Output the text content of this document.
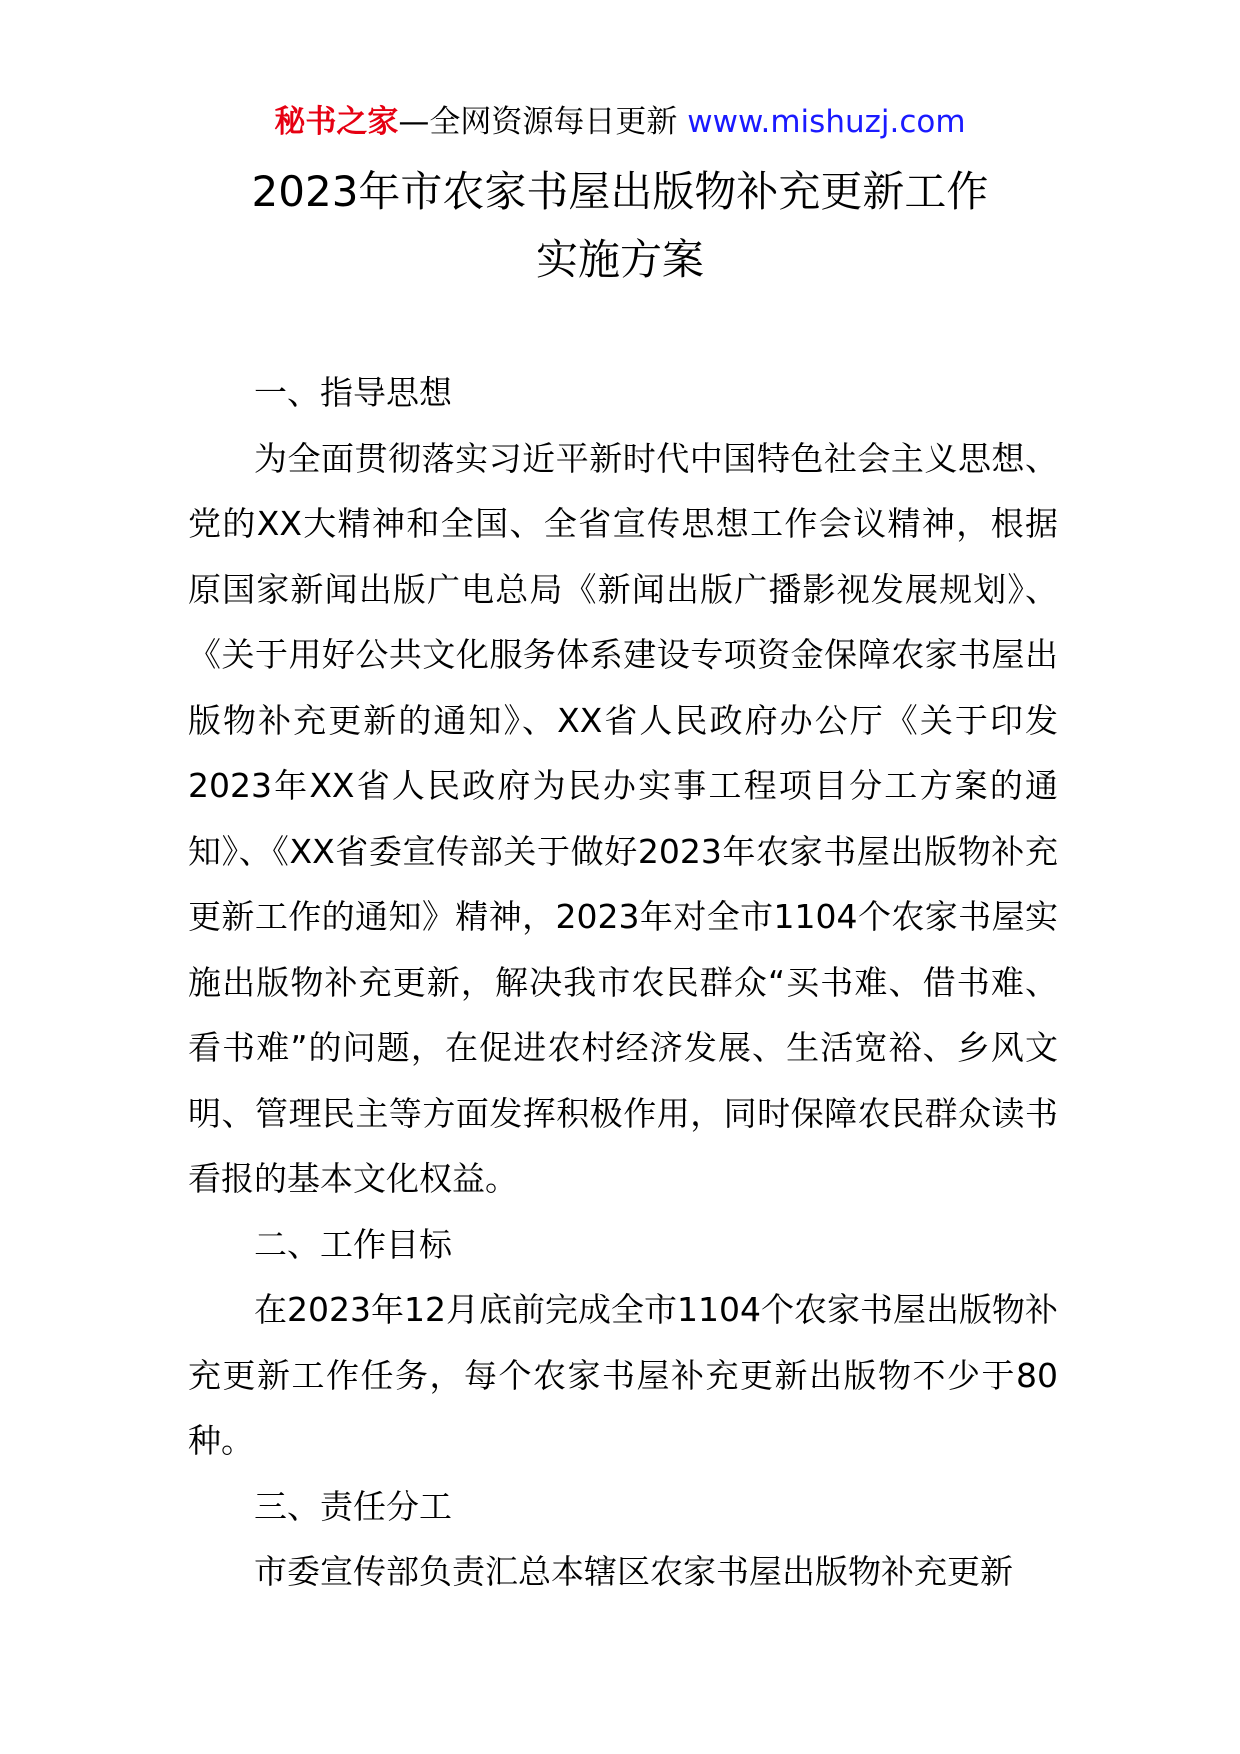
秘书之家—全网资源每日更新 www.mishuzj.com
2023年市农家书屋出版物补充更新工作
实施方案
一、指导思想

为全面贯彻落实习近平新时代中国特色社会主义思想、党的XX大精神和全国、全省宣传思想工作会议精神，根据原国家新闻出版广电总局《新闻出版广播影视发展规划》、《关于用好公共文化服务体系建设专项资金保障农家书屋出版物补充更新的通知》、XX省人民政府办公厅《关于印发2023年XX省人民政府为民办实事工程项目分工方案的通知》、《XX省委宣传部关于做好2023年农家书屋出版物补充更新工作的通知》精神，2023年对全市1104个农家书屋实施出版物补充更新，解决我市农民群众“买书难、借书难、看书难”的问题，在促进农村经济发展、生活宽裕、乡风文明、管理民主等方面发挥积极作用，同时保障农民群众读书看报的基本文化权益。

二、工作目标

在2023年12月底前完成全市1104个农家书屋出版物补充更新工作任务，每个农家书屋补充更新出版物不少于80种。

三、责任分工

市委宣传部负责汇总本辖区农家书屋出版物补充更新
